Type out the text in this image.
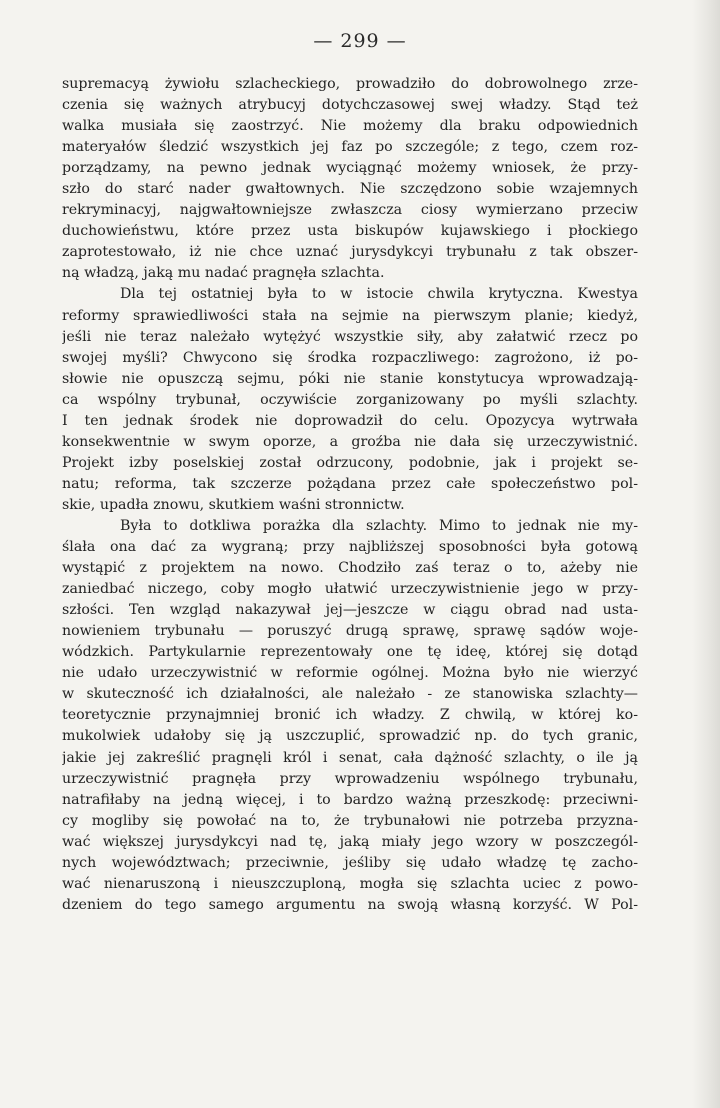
— 299 —
supremacyą żywiołu szlacheckiego, prowadziło do dobrowolnego zrze-
czenia się ważnych atrybucyj dotychczasowej swej władzy. Stąd też
walka musiała się zaostrzyć. Nie możemy dla braku odpowiednich
materyałów śledzić wszystkich jej faz po szczególe; z tego, czem roz-
porządzamy, na pewno jednak wyciągnąć możemy wniosek, że przy-
szło do starć nader gwałtownych. Nie szczędzono sobie wzajemnych
rekryminacyj, najgwałtowniejsze zwłaszcza ciosy wymierzano przeciw
duchowieństwu, które przez usta biskupów kujawskiego i płockiego
zaprotestowało, iż nie chce uznać jurysdykcyi trybunału z tak obszer-
ną władzą, jaką mu nadać pragnęła szlachta.
Dla tej ostatniej była to w istocie chwila krytyczna. Kwestya
reformy sprawiedliwości stała na sejmie na pierwszym planie; kiedyż,
jeśli nie teraz należało wytężyć wszystkie siły, aby załatwić rzecz po
swojej myśli? Chwycono się środka rozpaczliwego: zagrożono, iż po-
słowie nie opuszczą sejmu, póki nie stanie konstytucya wprowadzają-
ca wspólny trybunał, oczywiście zorganizowany po myśli szlachty.
I ten jednak środek nie doprowadził do celu. Opozycya wytrwała
konsekwentnie w swym oporze, a groźba nie dała się urzeczywistnić.
Projekt izby poselskiej został odrzucony, podobnie, jak i projekt se-
natu; reforma, tak szczerze pożądana przez całe społeczeństwo pol-
skie, upadła znowu, skutkiem waśni stronnictw.
Była to dotkliwa porażka dla szlachty. Mimo to jednak nie my-
ślała ona dać za wygraną; przy najbliższej sposobności była gotową
wystąpić z projektem na nowo. Chodziło zaś teraz o to, ażeby nie
zaniedbać niczego, coby mogło ułatwić urzeczywistnienie jego w przy-
szłości. Ten wzgląd nakazywał jej—jeszcze w ciągu obrad nad usta-
nowieniem trybunału — poruszyć drugą sprawę, sprawę sądów woje-
wódzkich. Partykularnie reprezentowały one tę ideę, której się dotąd
nie udało urzeczywistnić w reformie ogólnej. Można było nie wierzyć
w skuteczność ich działalności, ale należało - ze stanowiska szlachty—
teoretycznie przynajmniej bronić ich władzy. Z chwilą, w której ko-
mukolwiek udałoby się ją uszczuplić, sprowadzić np. do tych granic,
jakie jej zakreślić pragnęli król i senat, cała dążność szlachty, o ile ją
urzeczywistnić pragnęła przy wprowadzeniu wspólnego trybunału,
natrafiłaby na jedną więcej, i to bardzo ważną przeszkodę: przeciwni-
cy mogliby się powołać na to, że trybunałowi nie potrzeba przyzna-
wać większej jurysdykcyi nad tę, jaką miały jego wzory w poszczegól-
nych województwach; przeciwnie, jeśliby się udało władzę tę zacho-
wać nienaruszoną i nieuszczuploną, mogła się szlachta uciec z powo-
dzeniem do tego samego argumentu na swoją własną korzyść. W Pol-
